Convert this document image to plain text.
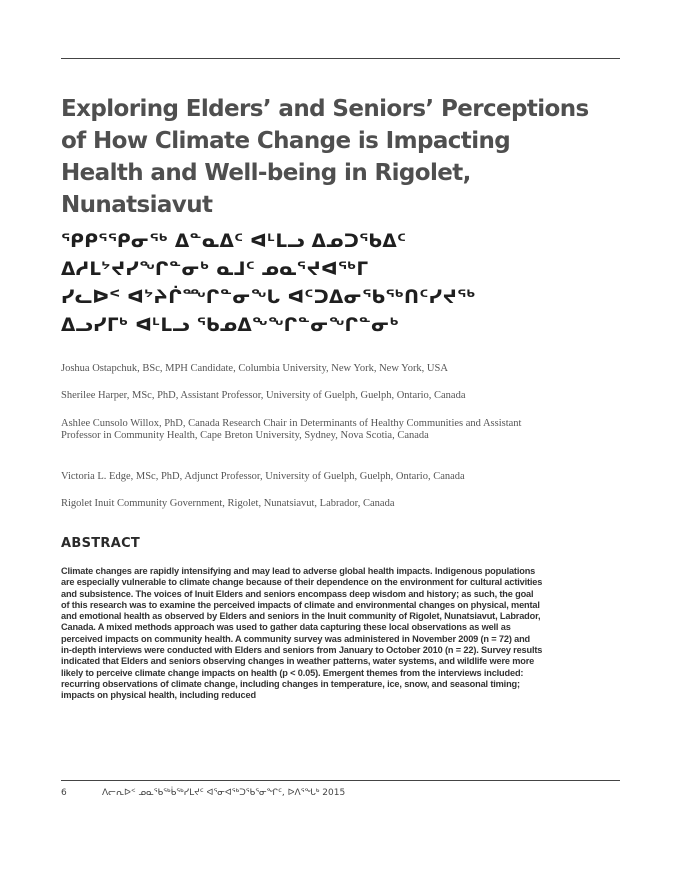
Exploring Elders’ and Seniors’ Perceptions
of How Climate Change is Impacting
Health and Well-being in Rigolet,
Nunatsiavut
ᕿᑭᕐᕿᓂᖅ ᐃᓐᓇᐃᑦ ᐊᒻᒪᓗ ᐃᓄᑐᖃᐃᑦ
ᐃᓱᒪᔾᔪᓯᖏᓐᓂᒃ ᓇᒧᑦ ᓄᓇᕐᔪᐊᖅᒥ
ᓯᓚᐅᑉ ᐊᔾᔨᒌᙱᓐᓂᖓ ᐊᑦᑐᐃᓂᖃᖅᑎᑦᓯᔪᖅ
ᐃᓗᓯᒥᒃ ᐊᒻᒪᓗ ᖃᓄᐃᖕᖏᓐᓂᖏᓐᓂᒃ

Joshua Ostapchuk, BSc, MPH Candidate, Columbia University, New York, New York, USA

Sherilee Harper, MSc, PhD, Assistant Professor, University of Guelph, Guelph, Ontario, Canada

Ashlee Cunsolo Willox, PhD, Canada Research Chair in Determinants of Healthy Communities and Assistant Professor in Community Health, Cape Breton University, Sydney, Nova Scotia, Canada

Victoria L. Edge, MSc, PhD, Adjunct Professor, University of Guelph, Guelph, Ontario, Canada

Rigolet Inuit Community Government, Rigolet, Nunatsiavut, Labrador, Canada

ABSTRACT

Climate changes are rapidly intensifying and may lead to adverse global health impacts. Indigenous populations are especially vulnerable to climate change because of their dependence on the environment for cultural activities and subsistence. The voices of Inuit Elders and seniors encompass deep wisdom and history; as such, the goal of this research was to examine the perceived impacts of climate and environmental changes on physical, mental and emotional health as observed by Elders and seniors in the Inuit community of Rigolet, Nunatsiavut, Labrador, Canada. A mixed methods approach was used to gather data capturing these local observations as well as perceived impacts on community health. A community survey was administered in November 2009 (n = 72) and in-depth interviews were conducted with Elders and seniors from January to October 2010 (n = 22). Survey results indicated that Elders and seniors observing changes in weather patterns, water systems, and wildlife were more likely to perceive climate change impacts on health (p < 0.05). Emergent themes from the interviews included: recurring observations of climate change, including changes in temperature, ice, snow, and seasonal timing; impacts on physical health, including reduced

6	ᐱᓕᕆᐅᑉ ᓄᓇᖃᖅᑳᖅᓯᒪᔪᑦ ᐊᕐᓂᐊᖅᑐᖃᕐᓂᖏᑦ, ᐅᐱᕐᖓᒃ 2015
